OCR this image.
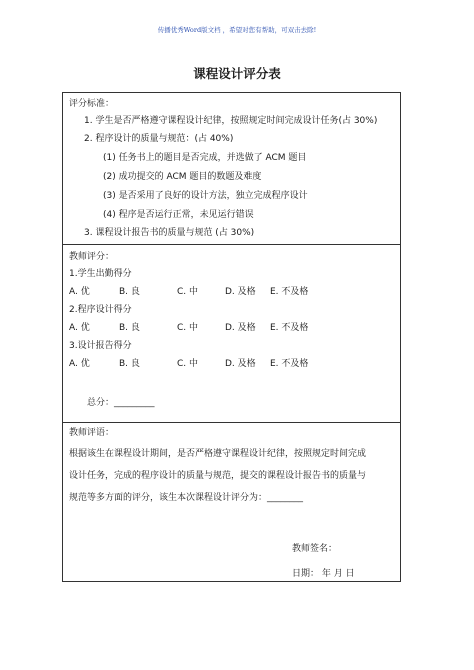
传播优秀Word版文档 ，希望对您有帮助，可双击去除!
课程设计评分表
评分标准：
1. 学生是否严格遵守课程设计纪律，按照规定时间完成设计任务(占 30%)
2. 程序设计的质量与规范：(占 40%)
(1) 任务书上的题目是否完成，并选做了 ACM 题目
(2) 成功提交的 ACM 题目的数题及难度
(3) 是否采用了良好的设计方法，独立完成程序设计
(4) 程序是否运行正常，未见运行错误
3. 课程设计报告书的质量与规范 (占 30%)
教师评分：
1.学生出勤得分
A. 优	B. 良	C. 中	D. 及格 E. 不及格
2.程序设计得分
A. 优	B. 良	C. 中	D. 及格 E. 不及格
3.设计报告得分
A. 优	B. 良	C. 中	D. 及格 E. 不及格
总分：_________
教师评语：
根据该生在课程设计期间，是否严格遵守课程设计纪律，按照规定时间完成
设计任务，完成的程序设计的质量与规范，提交的课程设计报告书的质量与
规范等多方面的评分，该生本次课程设计评分为：________
教师签名：
日期： 年 月 日
